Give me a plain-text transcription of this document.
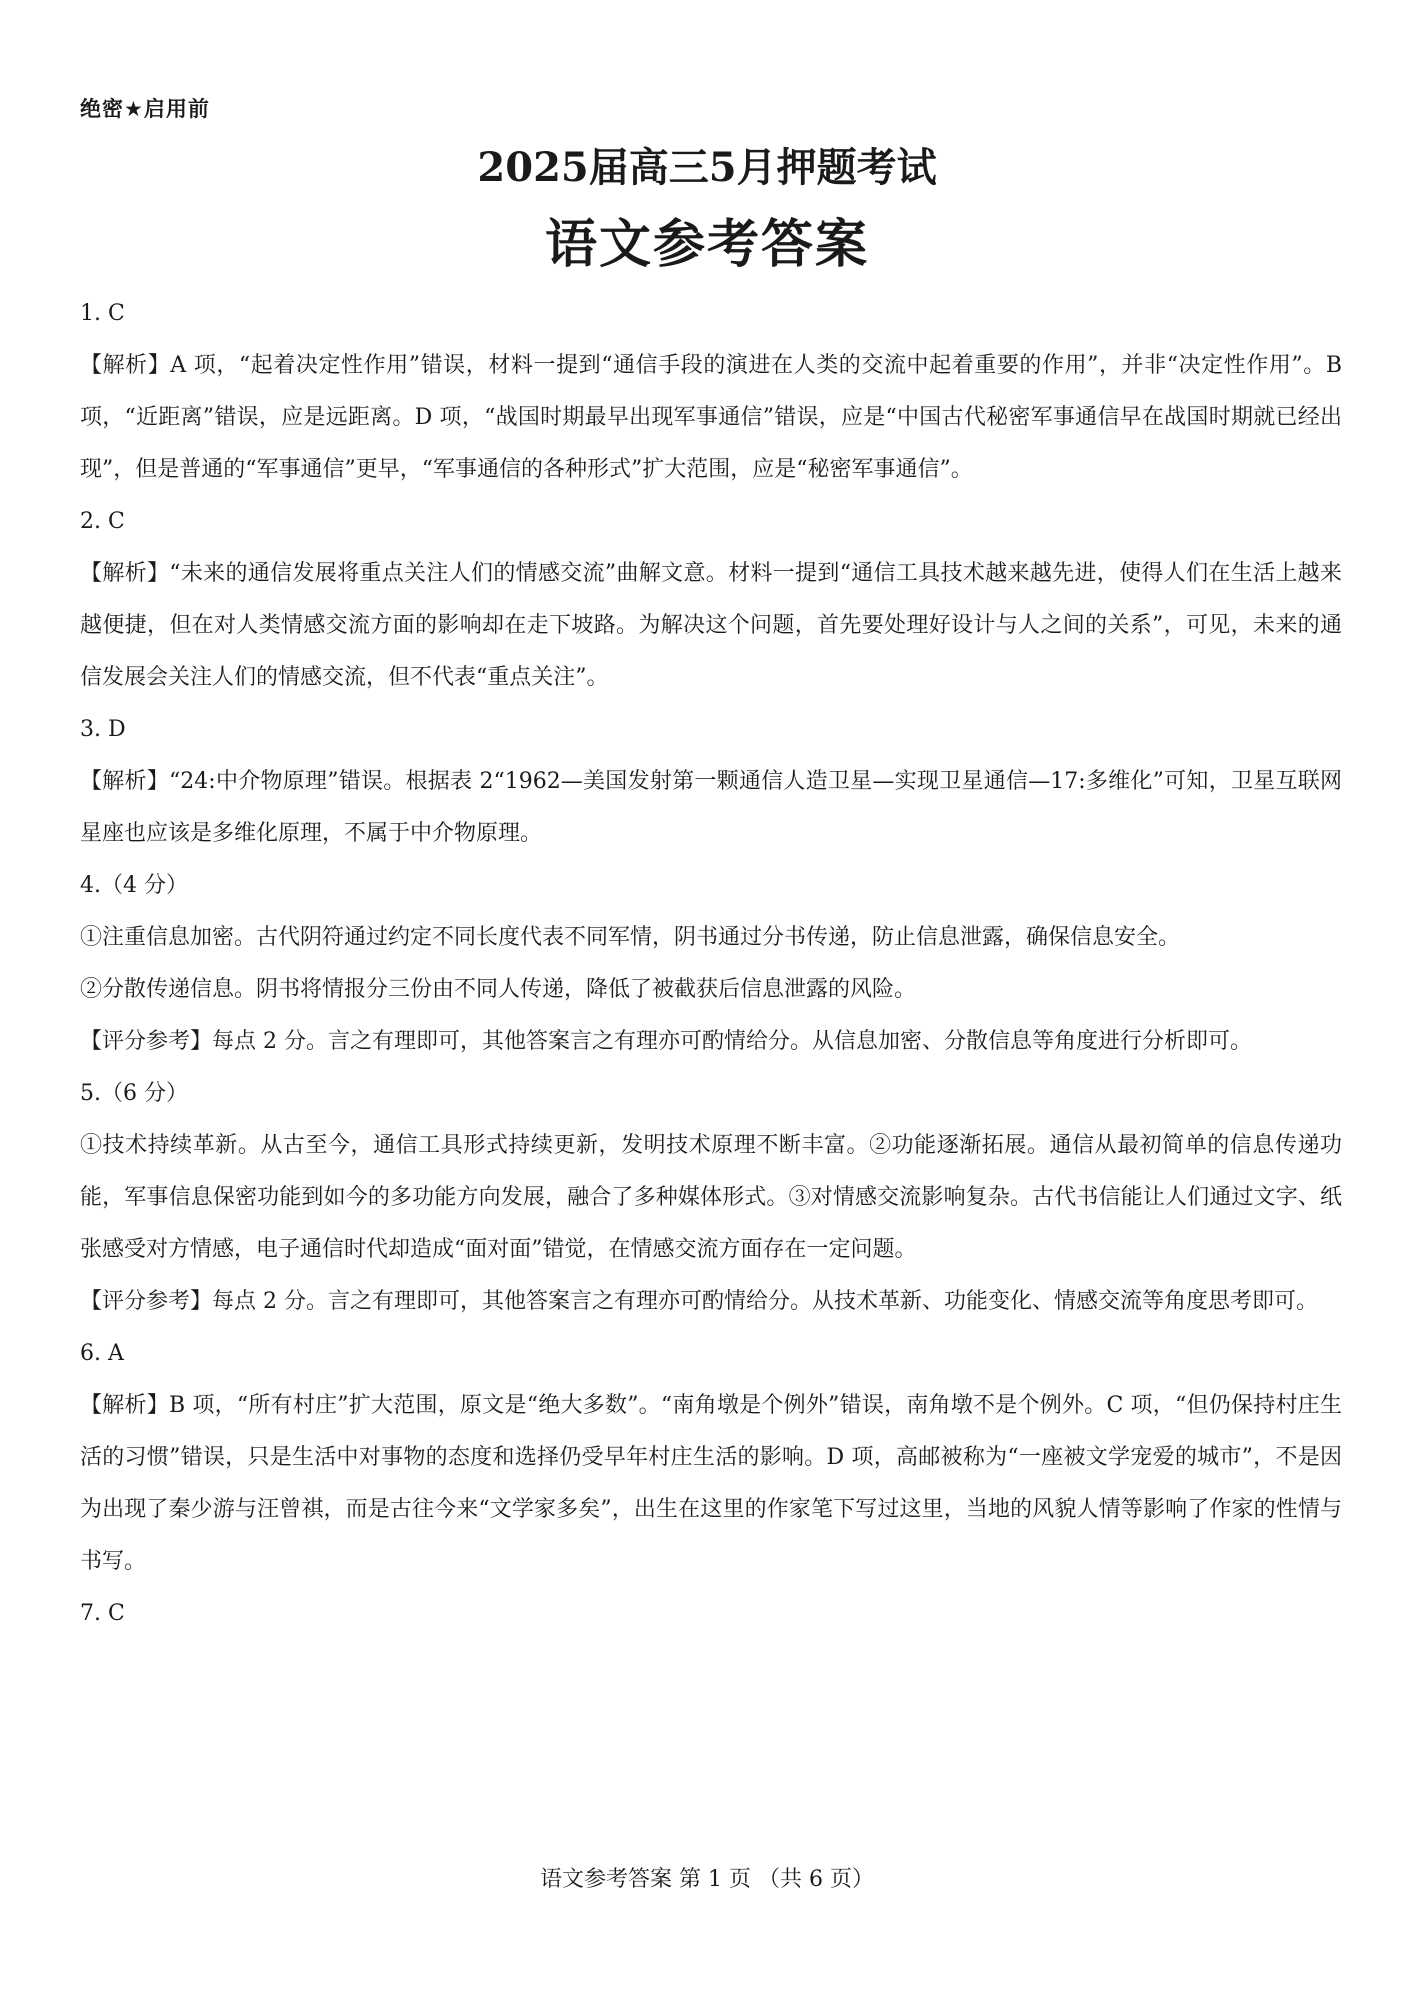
绝密★启用前
2025届高三5月押题考试
语文参考答案

1. C

【解析】A 项，“起着决定性作用”错误，材料一提到“通信手段的演进在人类的交流中起着重要的作用”，并非“决定性作用”。B 项，“近距离”错误，应是远距离。D 项，“战国时期最早出现军事通信”错误，应是“中国古代秘密军事通信早在战国时期就已经出现”，但是普通的“军事通信”更早，“军事通信的各种形式”扩大范围，应是“秘密军事通信”。

2. C

【解析】“未来的通信发展将重点关注人们的情感交流”曲解文意。材料一提到“通信工具技术越来越先进，使得人们在生活上越来越便捷，但在对人类情感交流方面的影响却在走下坡路。为解决这个问题，首先要处理好设计与人之间的关系”，可见，未来的通信发展会关注人们的情感交流，但不代表“重点关注”。

3. D

【解析】“24:中介物原理”错误。根据表 2“1962—美国发射第一颗通信人造卫星—实现卫星通信—17:多维化”可知，卫星互联网星座也应该是多维化原理，不属于中介物原理。

4.（4 分）

①注重信息加密。古代阴符通过约定不同长度代表不同军情，阴书通过分书传递，防止信息泄露，确保信息安全。

②分散传递信息。阴书将情报分三份由不同人传递，降低了被截获后信息泄露的风险。

【评分参考】每点 2 分。言之有理即可，其他答案言之有理亦可酌情给分。从信息加密、分散信息等角度进行分析即可。

5.（6 分）

①技术持续革新。从古至今，通信工具形式持续更新，发明技术原理不断丰富。②功能逐渐拓展。通信从最初简单的信息传递功能，军事信息保密功能到如今的多功能方向发展，融合了多种媒体形式。③对情感交流影响复杂。古代书信能让人们通过文字、纸张感受对方情感，电子通信时代却造成“面对面”错觉，在情感交流方面存在一定问题。

【评分参考】每点 2 分。言之有理即可，其他答案言之有理亦可酌情给分。从技术革新、功能变化、情感交流等角度思考即可。

6. A

【解析】B 项，“所有村庄”扩大范围，原文是“绝大多数”。“南角墩是个例外”错误，南角墩不是个例外。C 项，“但仍保持村庄生活的习惯”错误，只是生活中对事物的态度和选择仍受早年村庄生活的影响。D 项，高邮被称为“一座被文学宠爱的城市”，不是因为出现了秦少游与汪曾祺，而是古往今来“文学家多矣”，出生在这里的作家笔下写过这里，当地的风貌人情等影响了作家的性情与书写。

7. C

语文参考答案 第 1 页 （共 6 页）
